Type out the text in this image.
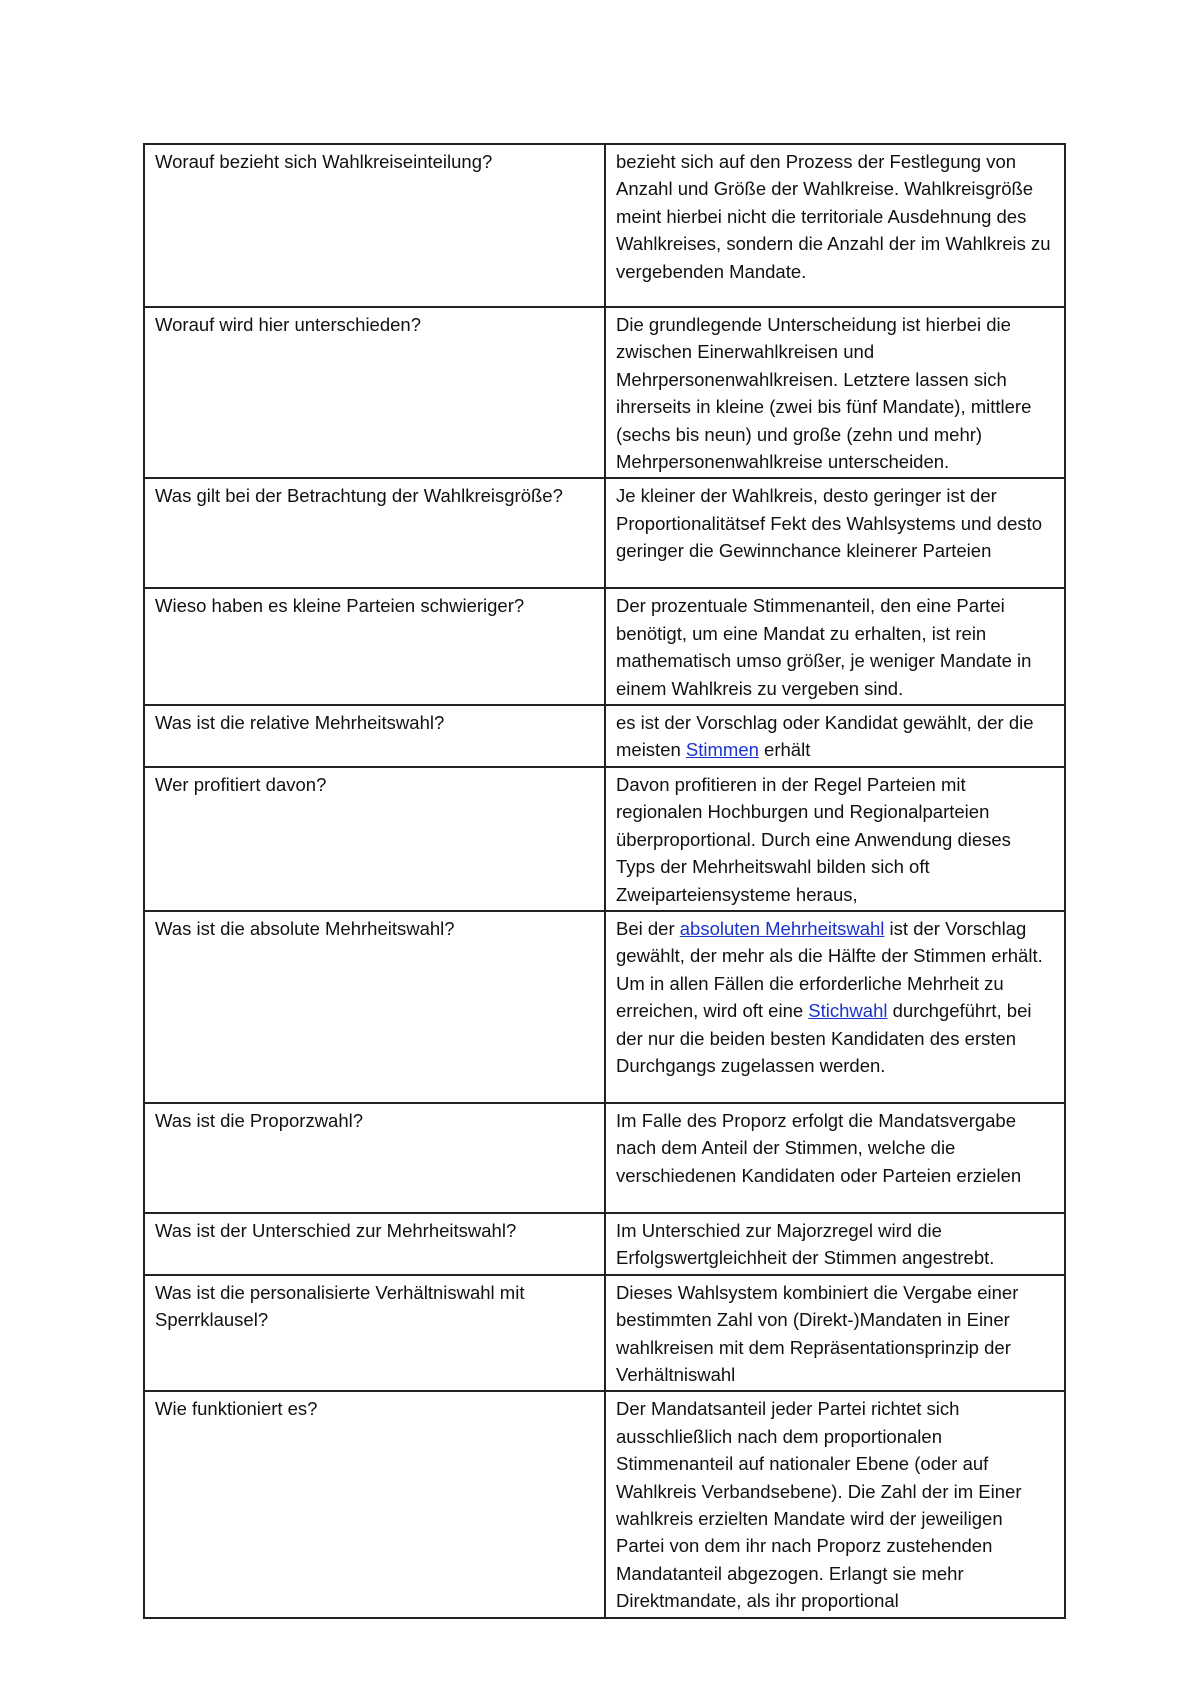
Worauf bezieht sich Wahlkreiseinteilung?	bezieht sich auf den Prozess der Festlegung von Anzahl und Größe der Wahlkreise. Wahlkreisgröße meint hierbei nicht die territoriale Ausdehnung des Wahlkreises, sondern die Anzahl der im Wahlkreis zu vergebenden Mandate.
Worauf wird hier unterschieden?	Die grundlegende Unterscheidung ist hierbei die zwischen Einerwahlkreisen und Mehrpersonenwahlkreisen. Letztere lassen sich ihrerseits in kleine (zwei bis fünf Mandate), mittlere (sechs bis neun) und große (zehn und mehr) Mehrpersonenwahlkreise unterscheiden.
Was gilt bei der Betrachtung der Wahlkreisgröße?	Je kleiner der Wahlkreis, desto geringer ist der Proportionalitätsef Fekt des Wahlsystems und desto geringer die Gewinnchance kleinerer Parteien
Wieso haben es kleine Parteien schwieriger?	Der prozentuale Stimmenanteil, den eine Partei benötigt, um eine Mandat zu erhalten, ist rein mathematisch umso größer, je weniger Mandate in einem Wahlkreis zu vergeben sind.
Was ist die relative Mehrheitswahl?	es ist der Vorschlag oder Kandidat gewählt, der die meisten Stimmen erhält
Wer profitiert davon?	Davon profitieren in der Regel Parteien mit regionalen Hochburgen und Regionalparteien überproportional. Durch eine Anwendung dieses Typs der Mehrheitswahl bilden sich oft Zweiparteiensysteme heraus,
Was ist die absolute Mehrheitswahl?	Bei der absoluten Mehrheitswahl ist der Vorschlag gewählt, der mehr als die Hälfte der Stimmen erhält. Um in allen Fällen die erforderliche Mehrheit zu erreichen, wird oft eine Stichwahl durchgeführt, bei der nur die beiden besten Kandidaten des ersten Durchgangs zugelassen werden.
Was ist die Proporzwahl?	Im Falle des Proporz erfolgt die Mandatsvergabe nach dem Anteil der Stimmen, welche die verschiedenen Kandidaten oder Parteien erzielen
Was ist der Unterschied zur Mehrheitswahl?	Im Unterschied zur Majorzregel wird die Erfolgswertgleichheit der Stimmen angestrebt.
Was ist die personalisierte Verhältniswahl mit Sperrklausel?	Dieses Wahlsystem kombiniert die Vergabe einer bestimmten Zahl von (Direkt-)Mandaten in Einer wahlkreisen mit dem Repräsentationsprinzip der Verhältniswahl
Wie funktioniert es?	Der Mandatsanteil jeder Partei richtet sich ausschließlich nach dem proportionalen Stimmenanteil auf nationaler Ebene (oder auf Wahlkreis Verbandsebene). Die Zahl der im Einer wahlkreis erzielten Mandate wird der jeweiligen Partei von dem ihr nach Proporz zustehenden Mandatanteil abgezogen. Erlangt sie mehr Direktmandate, als ihr proportional
